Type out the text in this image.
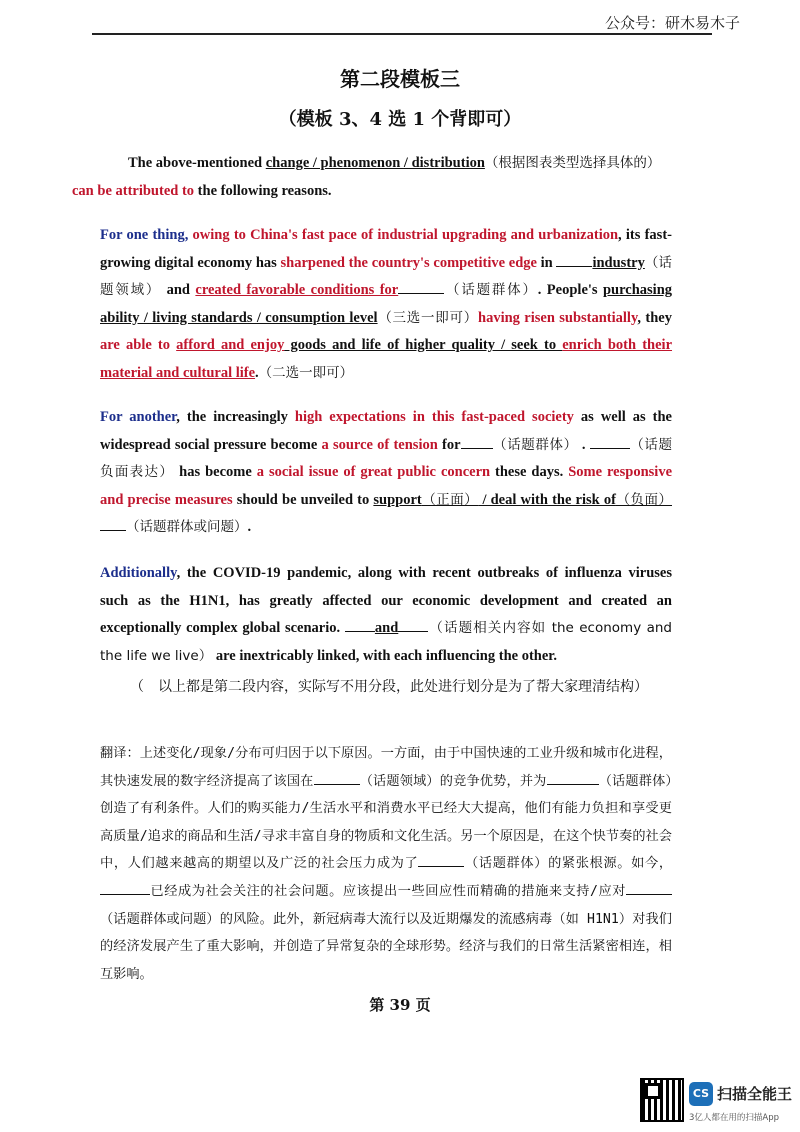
公众号：研木易木子
第二段模板三
（模板 3、4 选 1 个背即可）
The above-mentioned change / phenomenon / distribution（根据图表类型选择具体的）
can be attributed to the following reasons.
For one thing, owing to China's fast pace of industrial upgrading and urbanization, its fast-growing digital economy has sharpened the country's competitive edge in industry（话题领域） and created favorable conditions for	（话题群体）. People's purchasing ability / living standards / consumption level（三选一即可）having risen substantially, they are able to afford and enjoy goods and life of higher quality / seek to enrich both their material and cultural life.（二选一即可）
For another, the increasingly high expectations in this fast-paced society as well as the widespread social pressure become a source of tension for （话题群体） .	（话题负面表达） has become a social issue of great public concern these days. Some responsive and precise measures should be unveiled to support（正面） / deal with the risk of（负面）（话题群体或问题）.
Additionally, the COVID-19 pandemic, along with recent outbreaks of influenza viruses such as the H1N1, has greatly affected our economic development and created an exceptionally complex global scenario. and （话题相关内容如 the economy and the life we live） are inextricably linked, with each influencing the other.
（　以上都是第二段内容，实际写不用分段，此处进行划分是为了帮大家理清结构）
翻译：上述变化/现象/分布可归因于以下原因。一方面，由于中国快速的工业升级和城市化进程，其快速发展的数字经济提高了该国在	（话题领域）的竞争优势，并为	（话题群体）创造了有利条件。人们的购买能力/生活水平和消费水平已经大大提高，他们有能力负担和享受更高质量/追求的商品和生活/寻求丰富自身的物质和文化生活。另一个原因是，在这个快节奏的社会中，人们越来越高的期望以及广泛的社会压力成为了	（话题群体）的紧张根源。如今，已经成为社会关注的社会问题。应该提出一些回应性而精确的措施来支持/应对（话题群体或问题）的风险。此外，新冠病毒大流行以及近期爆发的流感病毒（如 H1N1）对我们的经济发展产生了重大影响，并创造了异常复杂的全球形势。经济与我们的日常生活紧密相连，相互影响。
第 39 页
CS 扫描全能王
3亿人都在用的扫描App
